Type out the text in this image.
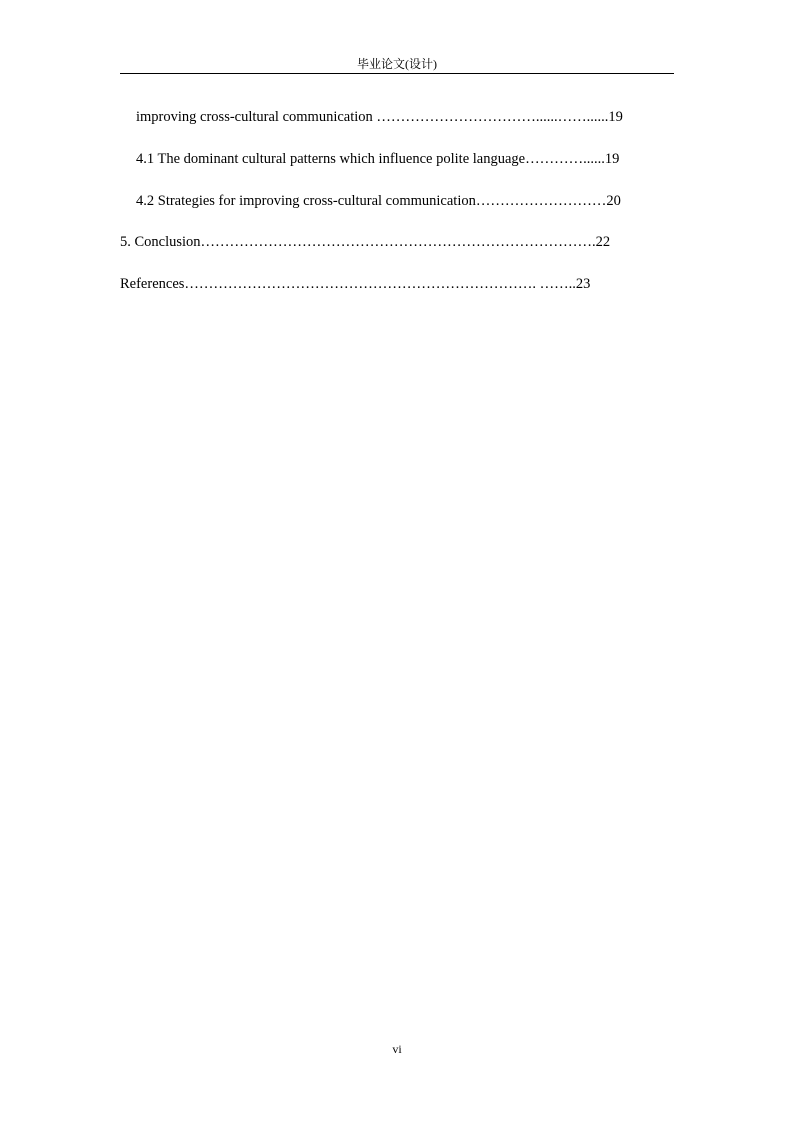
毕业论文(设计)
improving cross-cultural communication ……………………………......……......19
4.1 The dominant cultural patterns which influence polite language…………......19
4.2 Strategies for improving cross-cultural communication………………………20
5. Conclusion……………………………………………………………………….22
References………………………………………………………………. ……..23
vi
